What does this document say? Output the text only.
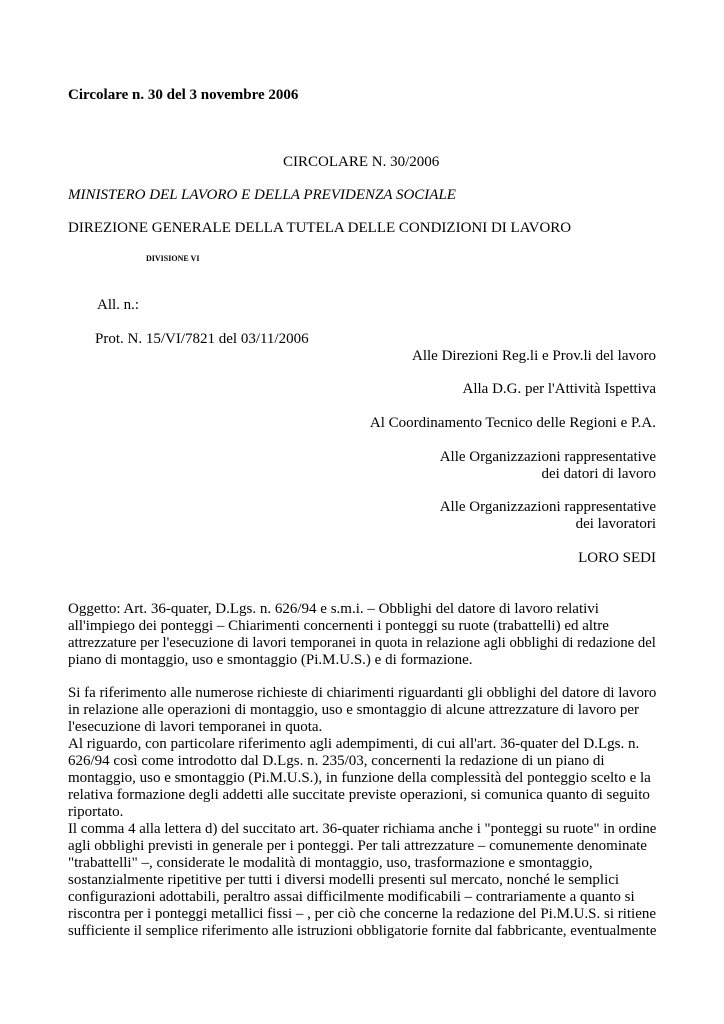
Circolare n. 30 del 3 novembre 2006
CIRCOLARE N. 30/2006
MINISTERO DEL LAVORO E DELLA PREVIDENZA SOCIALE
DIREZIONE GENERALE DELLA TUTELA DELLE CONDIZIONI DI LAVORO
DIVISIONE VI
All. n.:
Prot. N. 15/VI/7821 del 03/11/2006
Alle Direzioni Reg.li e Prov.li del lavoro
Alla D.G. per l'Attività Ispettiva
Al Coordinamento Tecnico delle Regioni e P.A.
Alle Organizzazioni rappresentative
dei datori di lavoro
Alle Organizzazioni rappresentative
dei lavoratori
LORO SEDI
Oggetto: Art. 36-quater, D.Lgs. n. 626/94 e s.m.i. – Obblighi del datore di lavoro relativi
all'impiego dei ponteggi – Chiarimenti concernenti i ponteggi su ruote (trabattelli) ed altre
attrezzature per l'esecuzione di lavori temporanei in quota in relazione agli obblighi di redazione del
piano di montaggio, uso e smontaggio (Pi.M.U.S.) e di formazione.
Si fa riferimento alle numerose richieste di chiarimenti riguardanti gli obblighi del datore di lavoro
in relazione alle operazioni di montaggio, uso e smontaggio di alcune attrezzature di lavoro per
l'esecuzione di lavori temporanei in quota.
Al riguardo, con particolare riferimento agli adempimenti, di cui all'art. 36-quater del D.Lgs. n.
626/94 così come introdotto dal D.Lgs. n. 235/03, concernenti la redazione di un piano di
montaggio, uso e smontaggio (Pi.M.U.S.), in funzione della complessità del ponteggio scelto e la
relativa formazione degli addetti alle succitate previste operazioni, si comunica quanto di seguito
riportato.
Il comma 4 alla lettera d) del succitato art. 36-quater richiama anche i "ponteggi su ruote" in ordine
agli obblighi previsti in generale per i ponteggi. Per tali attrezzature – comunemente denominate
"trabattelli" –, considerate le modalità di montaggio, uso, trasformazione e smontaggio,
sostanzialmente ripetitive per tutti i diversi modelli presenti sul mercato, nonché le semplici
configurazioni adottabili, peraltro assai difficilmente modificabili – contrariamente a quanto si
riscontra per i ponteggi metallici fissi – , per ciò che concerne la redazione del Pi.M.U.S. si ritiene
sufficiente il semplice riferimento alle istruzioni obbligatorie fornite dal fabbricante, eventualmente
